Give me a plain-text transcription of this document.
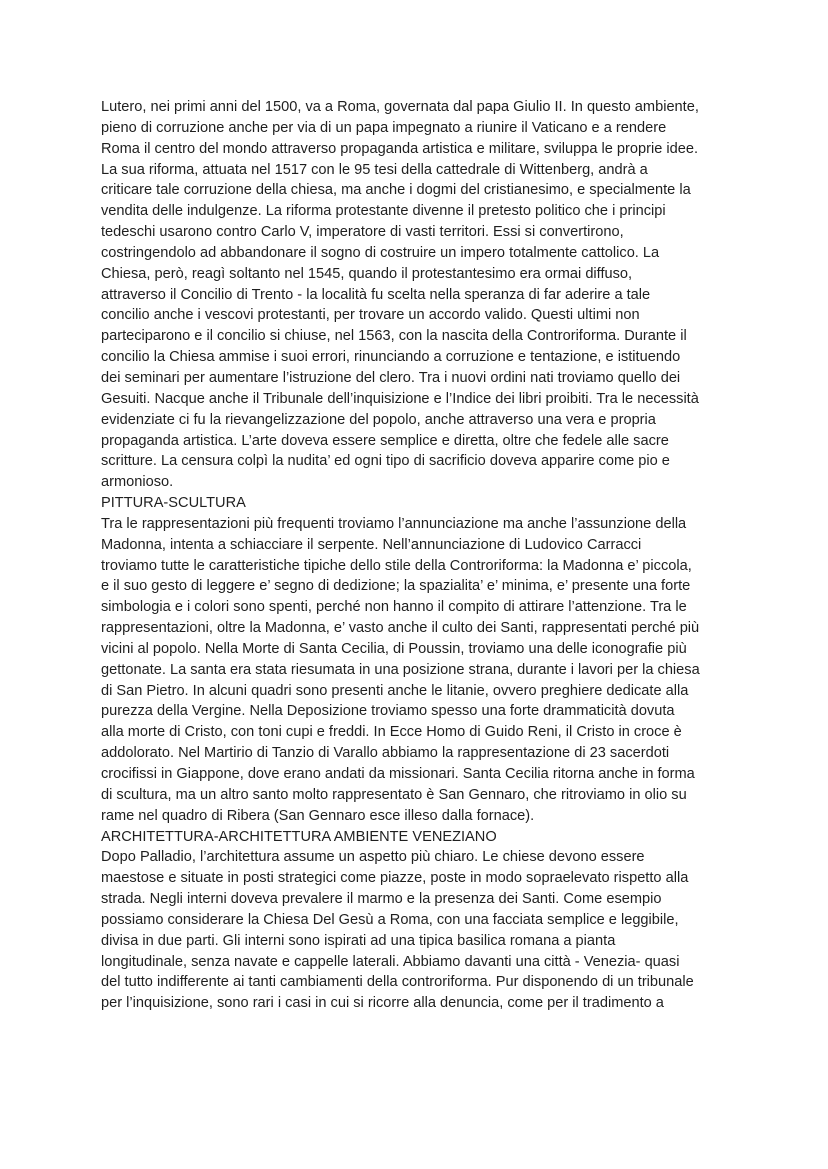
Lutero, nei primi anni del 1500, va a Roma, governata dal papa Giulio II. In questo ambiente,
pieno di corruzione anche per via di un papa impegnato a riunire il Vaticano e a rendere
Roma il centro del mondo attraverso propaganda artistica e militare, sviluppa le proprie idee.
La sua riforma, attuata nel 1517 con le 95 tesi della cattedrale di Wittenberg, andrà a
criticare tale corruzione della chiesa, ma anche i dogmi del cristianesimo, e specialmente la
vendita delle indulgenze. La riforma protestante divenne il pretesto politico che i principi
tedeschi usarono contro Carlo V, imperatore di vasti territori. Essi si convertirono,
costringendolo ad abbandonare il sogno di costruire un impero totalmente cattolico. La
Chiesa, però, reagì soltanto nel 1545, quando il protestantesimo era ormai diffuso,
attraverso il Concilio di Trento - la località fu scelta nella speranza di far aderire a tale
concilio anche i vescovi protestanti, per trovare un accordo valido. Questi ultimi non
parteciparono e il concilio si chiuse, nel 1563, con la nascita della Controriforma. Durante il
concilio la Chiesa ammise i suoi errori, rinunciando a corruzione e tentazione, e istituendo
dei seminari per aumentare l’istruzione del clero. Tra i nuovi ordini nati troviamo quello dei
Gesuiti. Nacque anche il Tribunale dell’inquisizione e l’Indice dei libri proibiti. Tra le necessità
evidenziate ci fu la rievangelizzazione del popolo, anche attraverso una vera e propria
propaganda artistica. L’arte doveva essere semplice e diretta, oltre che fedele alle sacre
scritture. La censura colpì la nudita’ ed ogni tipo di sacrificio doveva apparire come pio e
armonioso.

PITTURA-SCULTURA

Tra le rappresentazioni più frequenti troviamo l’annunciazione ma anche l’assunzione della
Madonna, intenta a schiacciare il serpente. Nell’annunciazione di Ludovico Carracci
troviamo tutte le caratteristiche tipiche dello stile della Controriforma: la Madonna e’ piccola,
e il suo gesto di leggere e’ segno di dedizione; la spazialita’ e’ minima, e’ presente una forte
simbologia e i colori sono spenti, perché non hanno il compito di attirare l’attenzione. Tra le
rappresentazioni, oltre la Madonna, e’ vasto anche il culto dei Santi, rappresentati perché più
vicini al popolo. Nella Morte di Santa Cecilia, di Poussin, troviamo una delle iconografie più
gettonate. La santa era stata riesumata in una posizione strana, durante i lavori per la chiesa
di San Pietro. In alcuni quadri sono presenti anche le litanie, ovvero preghiere dedicate alla
purezza della Vergine. Nella Deposizione troviamo spesso una forte drammaticità dovuta
alla morte di Cristo, con toni cupi e freddi. In Ecce Homo di Guido Reni, il Cristo in croce è
addolorato. Nel Martirio di Tanzio di Varallo abbiamo la rappresentazione di 23 sacerdoti
crocifissi in Giappone, dove erano andati da missionari. Santa Cecilia ritorna anche in forma
di scultura, ma un altro santo molto rappresentato è San Gennaro, che ritroviamo in olio su
rame nel quadro di Ribera (San Gennaro esce illeso dalla fornace).

ARCHITETTURA-ARCHITETTURA AMBIENTE VENEZIANO

Dopo Palladio, l’architettura assume un aspetto più chiaro. Le chiese devono essere
maestose e situate in posti strategici come piazze, poste in modo sopraelevato rispetto alla
strada. Negli interni doveva prevalere il marmo e la presenza dei Santi. Come esempio
possiamo considerare la Chiesa Del Gesù a Roma, con una facciata semplice e leggibile,
divisa in due parti. Gli interni sono ispirati ad una tipica basilica romana a pianta
longitudinale, senza navate e cappelle laterali. Abbiamo davanti una città - Venezia- quasi
del tutto indifferente ai tanti cambiamenti della controriforma. Pur disponendo di un tribunale
per l’inquisizione, sono rari i casi in cui si ricorre alla denuncia, come per il tradimento a
